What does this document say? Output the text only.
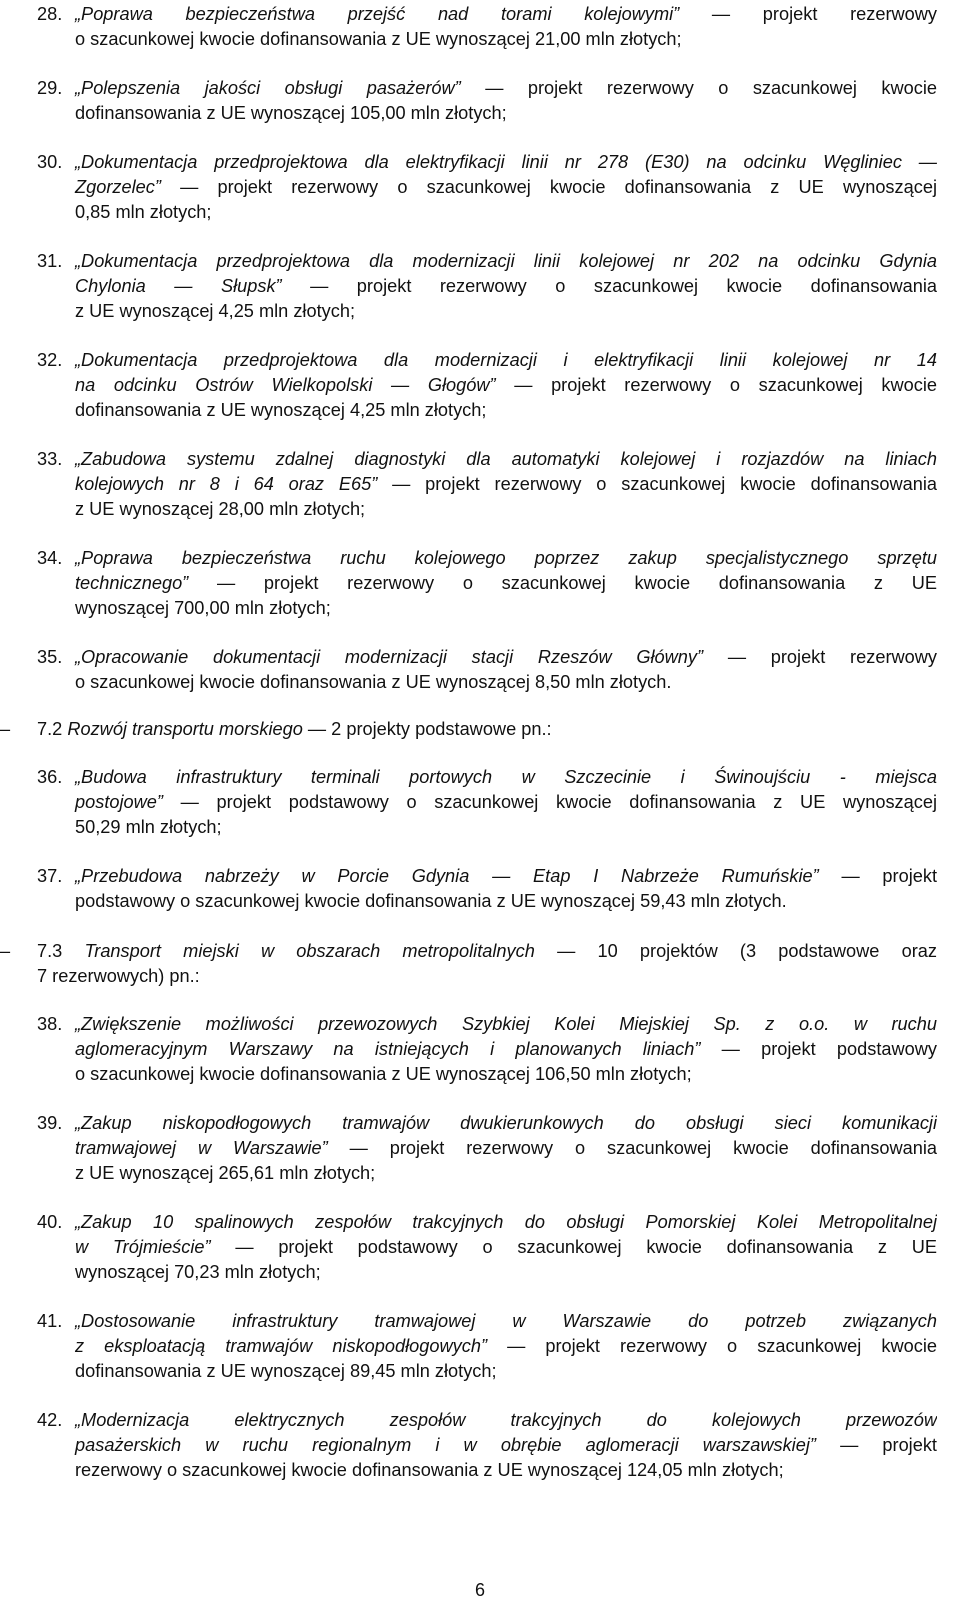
28. „Poprawa bezpieczeństwa przejść nad torami kolejowymi” — projekt rezerwowy
o szacunkowej kwocie dofinansowania z UE wynoszącej 21,00 mln złotych;
29. „Polepszenia jakości obsługi pasażerów” — projekt rezerwowy o szacunkowej kwocie
dofinansowania z UE wynoszącej 105,00 mln złotych;
30. „Dokumentacja przedprojektowa dla elektryfikacji linii nr 278 (E30) na odcinku Węgliniec —
Zgorzelec” — projekt rezerwowy o szacunkowej kwocie dofinansowania z UE wynoszącej
0,85 mln złotych;
31. „Dokumentacja przedprojektowa dla modernizacji linii kolejowej nr 202 na odcinku Gdynia
Chylonia — Słupsk” — projekt rezerwowy o szacunkowej kwocie dofinansowania
z UE wynoszącej 4,25 mln złotych;
32. „Dokumentacja przedprojektowa dla modernizacji i elektryfikacji linii kolejowej nr 14
na odcinku Ostrów Wielkopolski — Głogów” — projekt rezerwowy o szacunkowej kwocie
dofinansowania z UE wynoszącej 4,25 mln złotych;
33. „Zabudowa systemu zdalnej diagnostyki dla automatyki kolejowej i rozjazdów na liniach
kolejowych nr 8 i 64 oraz E65” — projekt rezerwowy o szacunkowej kwocie dofinansowania
z UE wynoszącej 28,00 mln złotych;
34. „Poprawa bezpieczeństwa ruchu kolejowego poprzez zakup specjalistycznego sprzętu
technicznego” — projekt rezerwowy o szacunkowej kwocie dofinansowania z UE
wynoszącej 700,00 mln złotych;
35. „Opracowanie dokumentacji modernizacji stacji Rzeszów Główny” — projekt rezerwowy
o szacunkowej kwocie dofinansowania z UE wynoszącej 8,50 mln złotych.
– 7.2 Rozwój transportu morskiego — 2 projekty podstawowe pn.:
36. „Budowa infrastruktury terminali portowych w Szczecinie i Świnoujściu - miejsca
postojowe” — projekt podstawowy o szacunkowej kwocie dofinansowania z UE wynoszącej
50,29 mln złotych;
37. „Przebudowa nabrzeży w Porcie Gdynia — Etap I Nabrzeże Rumuńskie” — projekt
podstawowy o szacunkowej kwocie dofinansowania z UE wynoszącej 59,43 mln złotych.
– 7.3 Transport miejski w obszarach metropolitalnych — 10 projektów (3 podstawowe oraz
7 rezerwowych) pn.:
38. „Zwiększenie możliwości przewozowych Szybkiej Kolei Miejskiej Sp. z o.o. w ruchu
aglomeracyjnym Warszawy na istniejących i planowanych liniach” — projekt podstawowy
o szacunkowej kwocie dofinansowania z UE wynoszącej 106,50 mln złotych;
39. „Zakup niskopodłogowych tramwajów dwukierunkowych do obsługi sieci komunikacji
tramwajowej w Warszawie” — projekt rezerwowy o szacunkowej kwocie dofinansowania
z UE wynoszącej 265,61 mln złotych;
40. „Zakup 10 spalinowych zespołów trakcyjnych do obsługi Pomorskiej Kolei Metropolitalnej
w Trójmieście” — projekt podstawowy o szacunkowej kwocie dofinansowania z UE
wynoszącej 70,23 mln złotych;
41. „Dostosowanie infrastruktury tramwajowej w Warszawie do potrzeb związanych
z eksploatacją tramwajów niskopodłogowych” — projekt rezerwowy o szacunkowej kwocie
dofinansowania z UE wynoszącej 89,45 mln złotych;
42. „Modernizacja elektrycznych zespołów trakcyjnych do kolejowych przewozów
pasażerskich w ruchu regionalnym i w obrębie aglomeracji warszawskiej” — projekt
rezerwowy o szacunkowej kwocie dofinansowania z UE wynoszącej 124,05 mln złotych;
6
